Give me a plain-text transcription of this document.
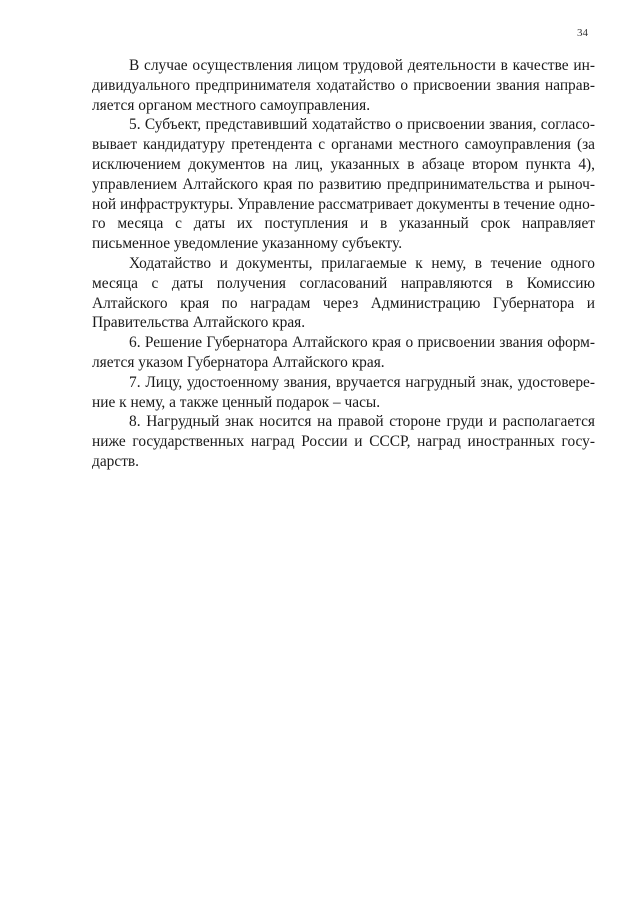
34

В случае осуществления лицом трудовой деятельности в качестве индивидуального предпринимателя ходатайство о присвоении звания направляется органом местного самоуправления.

5. Субъект, представивший ходатайство о присвоении звания, согласовывает кандидатуру претендента с органами местного самоуправления (за исключением документов на лиц, указанных в абзаце втором пункта 4), управлением Алтайского края по развитию предпринимательства и рыночной инфраструктуры. Управление рассматривает документы в течение одного месяца с даты их поступления и в указанный срок направляет письменное уведомление указанному субъекту.

Ходатайство и документы, прилагаемые к нему, в течение одного месяца с даты получения согласований направляются в Комиссию Алтайского края по наградам через Администрацию Губернатора и Правительства Алтайского края.

6. Решение Губернатора Алтайского края о присвоении звания оформляется указом Губернатора Алтайского края.

7. Лицу, удостоенному звания, вручается нагрудный знак, удостоверение к нему, а также ценный подарок – часы.

8. Нагрудный знак носится на правой стороне груди и располагается ниже государственных наград России и СССР, наград иностранных государств.
